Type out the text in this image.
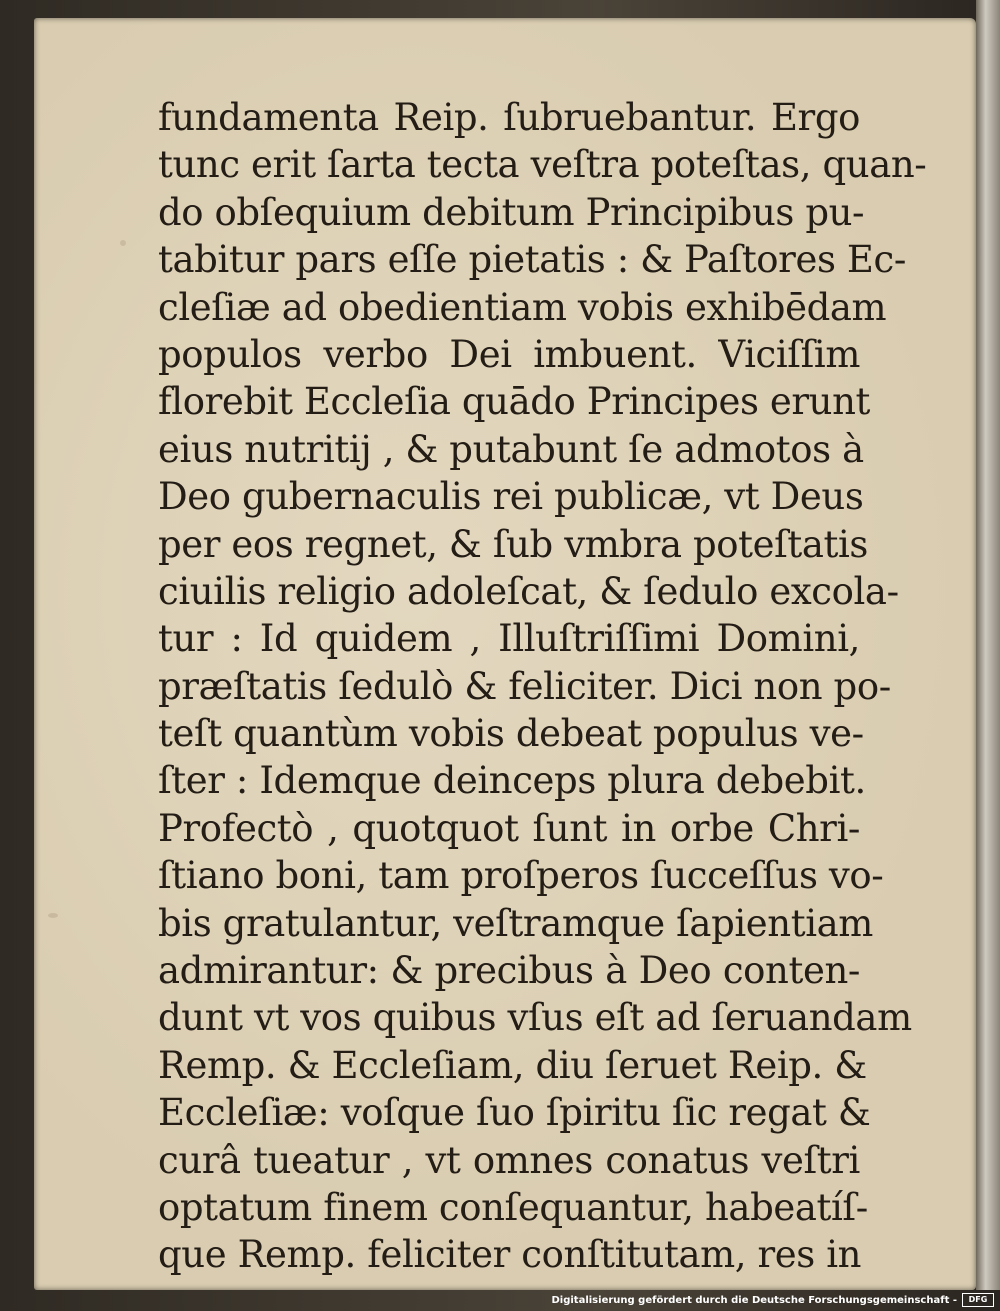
fundamenta Reip. ſubruebantur. Ergo
tunc erit ſarta tecta veſtra poteſtas, quan-
do obſequium debitum Principibus pu-
tabitur pars eſſe pietatis : & Paſtores Ec-
cleſiæ ad obedientiam vobis exhibēdam
populos verbo Dei imbuent. Viciſſim
florebit Eccleſia quādo Principes erunt
eius nutritij , & putabunt ſe admotos à
Deo gubernaculis rei publicæ, vt Deus
per eos regnet, & ſub vmbra poteſtatis
ciuilis religio adoleſcat, & ſedulo excola-
tur : Id quidem , Illuſtriſſimi Domini,
præſtatis ſedulò & feliciter. Dici non po-
teſt quantùm vobis debeat populus ve-
ſter : Idemque deinceps plura debebit.
Profectò , quotquot ſunt in orbe Chri-
ſtiano boni, tam proſperos ſucceſſus vo-
bis gratulantur, veſtramque ſapientiam
admirantur: & precibus à Deo conten-
dunt vt vos quibus vſus eſt ad ſeruandam
Remp. & Eccleſiam, diu ſeruet Reip. &
Eccleſiæ: voſque ſuo ſpiritu ſic regat &
curâ tueatur , vt omnes conatus veſtri
optatum finem conſequantur, habeatíſ-
que Remp. feliciter conſtitutam, res in
Digitalisierung gefördert durch die Deutsche Forschungsgemeinschaft -	DFG
